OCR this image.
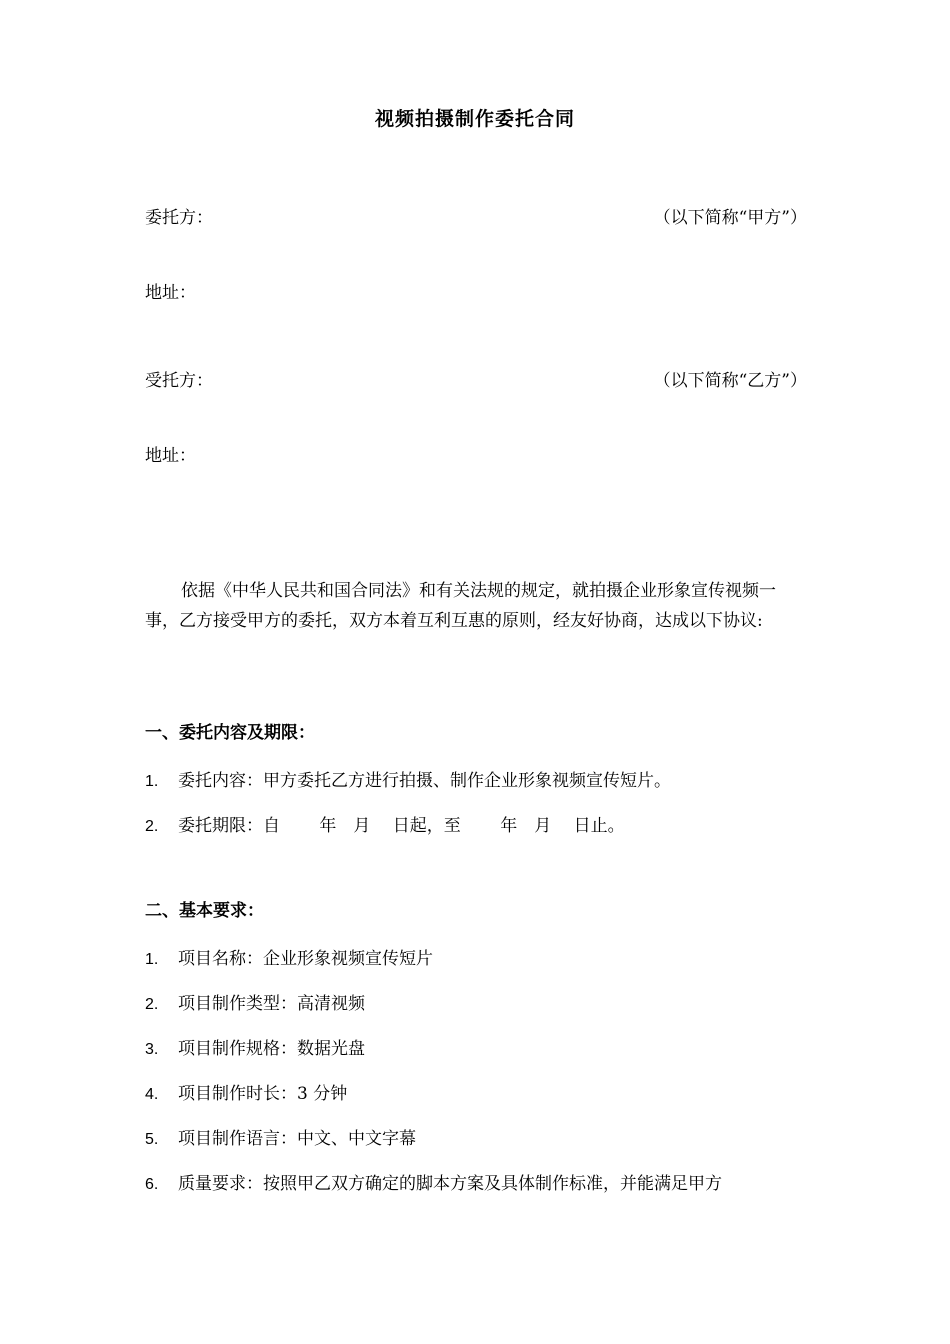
视频拍摄制作委托合同
委托方：	（以下简称“甲方”）
地址：
受托方：	（以下简称“乙方”）
地址：
依据《中华人民共和国合同法》和有关法规的规定，就拍摄企业形象宣传视频一事，乙方接受甲方的委托，双方本着互利互惠的原则，经友好协商，达成以下协议:
一、委托内容及期限：
1. 委托内容：甲方委托乙方进行拍摄、制作企业形象视频宣传短片。
2. 委托期限：自　　 年　月　 日起，至　　 年　月　 日止。
二、基本要求：
1. 项目名称：企业形象视频宣传短片
2. 项目制作类型：高清视频
3. 项目制作规格：数据光盘
4. 项目制作时长：3 分钟
5. 项目制作语言：中文、中文字幕
6. 质量要求：按照甲乙双方确定的脚本方案及具体制作标准，并能满足甲方
